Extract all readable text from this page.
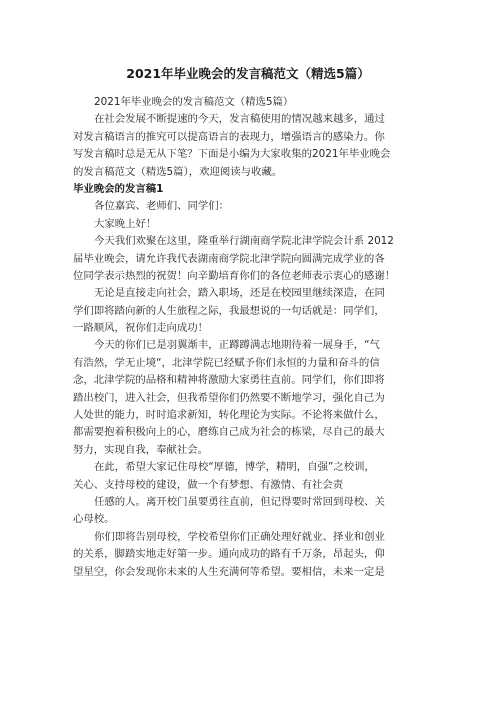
2021年毕业晚会的发言稿范文（精选5篇）
2021年毕业晚会的发言稿范文（精选5篇）
在社会发展不断提速的今天，发言稿使用的情况越来越多，通过
对发言稿语言的推究可以提高语言的表现力，增强语言的感染力。你
写发言稿时总是无从下笔？下面是小编为大家收集的2021年毕业晚会
的发言稿范文（精选5篇），欢迎阅读与收藏。
毕业晚会的发言稿1
各位嘉宾、老师们、同学们：
大家晚上好！
今天我们欢聚在这里，隆重举行湖南商学院北津学院会计系 2012
届毕业晚会，请允许我代表湖南商学院北津学院向圆满完成学业的各
位同学表示热烈的祝贺！向辛勤培育你们的各位老师表示衷心的感谢！
无论是直接走向社会，踏入职场，还是在校园里继续深造，在同
学们即将踏向新的人生旅程之际，我最想说的一句话就是：同学们，
一路顺风，祝你们走向成功！
今天的你们已是羽翼渐丰，正蹲蹲满志地期待着一展身手，“气
有浩然，学无止境“，北津学院已经赋予你们永恒的力量和奋斗的信
念，北津学院的品格和精神将激励大家勇往直前。同学们，你们即将
踏出校门，进入社会，但我希望你们仍然要不断地学习，强化自己为
人处世的能力，时时追求新知，转化理论为实际。不论将来做什么，
都需要抱着积极向上的心，磨练自己成为社会的栋梁，尽自己的最大
努力，实现自我，奉献社会。
在此，希望大家记住母校“厚德，博学，精明，自强”之校训，
关心、支持母校的建设，做一个有梦想、有激情、有社会责
任感的人。离开校门虽要勇往直前，但记得要时常回到母校、关
心母校。
你们即将告别母校，学校希望你们正确处理好就业、择业和创业
的关系，脚踏实地走好第一步。通向成功的路有千万条，昂起头，仰
望星空，你会发现你未来的人生充满何等希望。要相信，未来一定是
